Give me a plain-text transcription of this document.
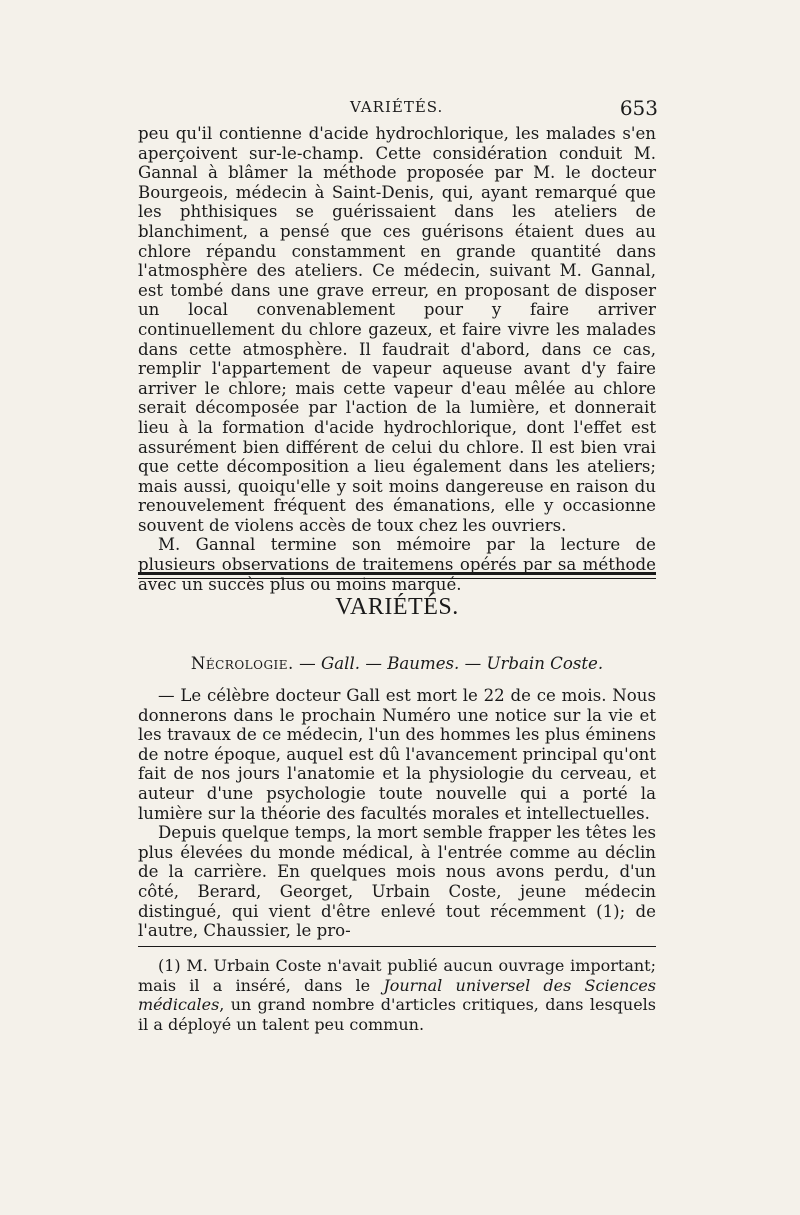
VARIÉTÉS.	653

peu qu'il contienne d'acide hydrochlorique, les malades s'en aperçoivent sur-le-champ. Cette considération conduit M. Gannal à blâmer la méthode proposée par M. le docteur Bourgeois, médecin à Saint-Denis, qui, ayant remarqué que les phthisiques se guérissaient dans les ateliers de blanchiment, a pensé que ces guérisons étaient dues au chlore répandu constamment en grande quantité dans l'atmosphère des ateliers. Ce médecin, suivant M. Gannal, est tombé dans une grave erreur, en proposant de disposer un local convenablement pour y faire arriver continuellement du chlore gazeux, et faire vivre les malades dans cette atmosphère. Il faudrait d'abord, dans ce cas, remplir l'appartement de vapeur aqueuse avant d'y faire arriver le chlore; mais cette vapeur d'eau mêlée au chlore serait décomposée par l'action de la lumière, et donnerait lieu à la formation d'acide hydrochlorique, dont l'effet est assurément bien différent de celui du chlore. Il est bien vrai que cette décomposition a lieu également dans les ateliers; mais aussi, quoiqu'elle y soit moins dangereuse en raison du renouvelement fréquent des émanations, elle y occasionne souvent de violens accès de toux chez les ouvriers.

M. Gannal termine son mémoire par la lecture de plusieurs observations de traitemens opérés par sa méthode avec un succès plus ou moins marqué.

VARIÉTÉS.
Nécrologie. — Gall. — Baumes. — Urbain Coste.

— Le célèbre docteur Gall est mort le 22 de ce mois. Nous donnerons dans le prochain Numéro une notice sur la vie et les travaux de ce médecin, l'un des hommes les plus éminens de notre époque, auquel est dû l'avancement principal qu'ont fait de nos jours l'anatomie et la physiologie du cerveau, et auteur d'une psychologie toute nouvelle qui a porté la lumière sur la théorie des facultés morales et intellectuelles.

Depuis quelque temps, la mort semble frapper les têtes les plus élevées du monde médical, à l'entrée comme au déclin de la carrière. En quelques mois nous avons perdu, d'un côté, Berard, Georget, Urbain Coste, jeune médecin distingué, qui vient d'être enlevé tout récemment (1); de l'autre, Chaussier, le pro-

(1) M. Urbain Coste n'avait publié aucun ouvrage important; mais il a inséré, dans le Journal universel des Sciences médicales, un grand nombre d'articles critiques, dans lesquels il a déployé un talent peu commun.
